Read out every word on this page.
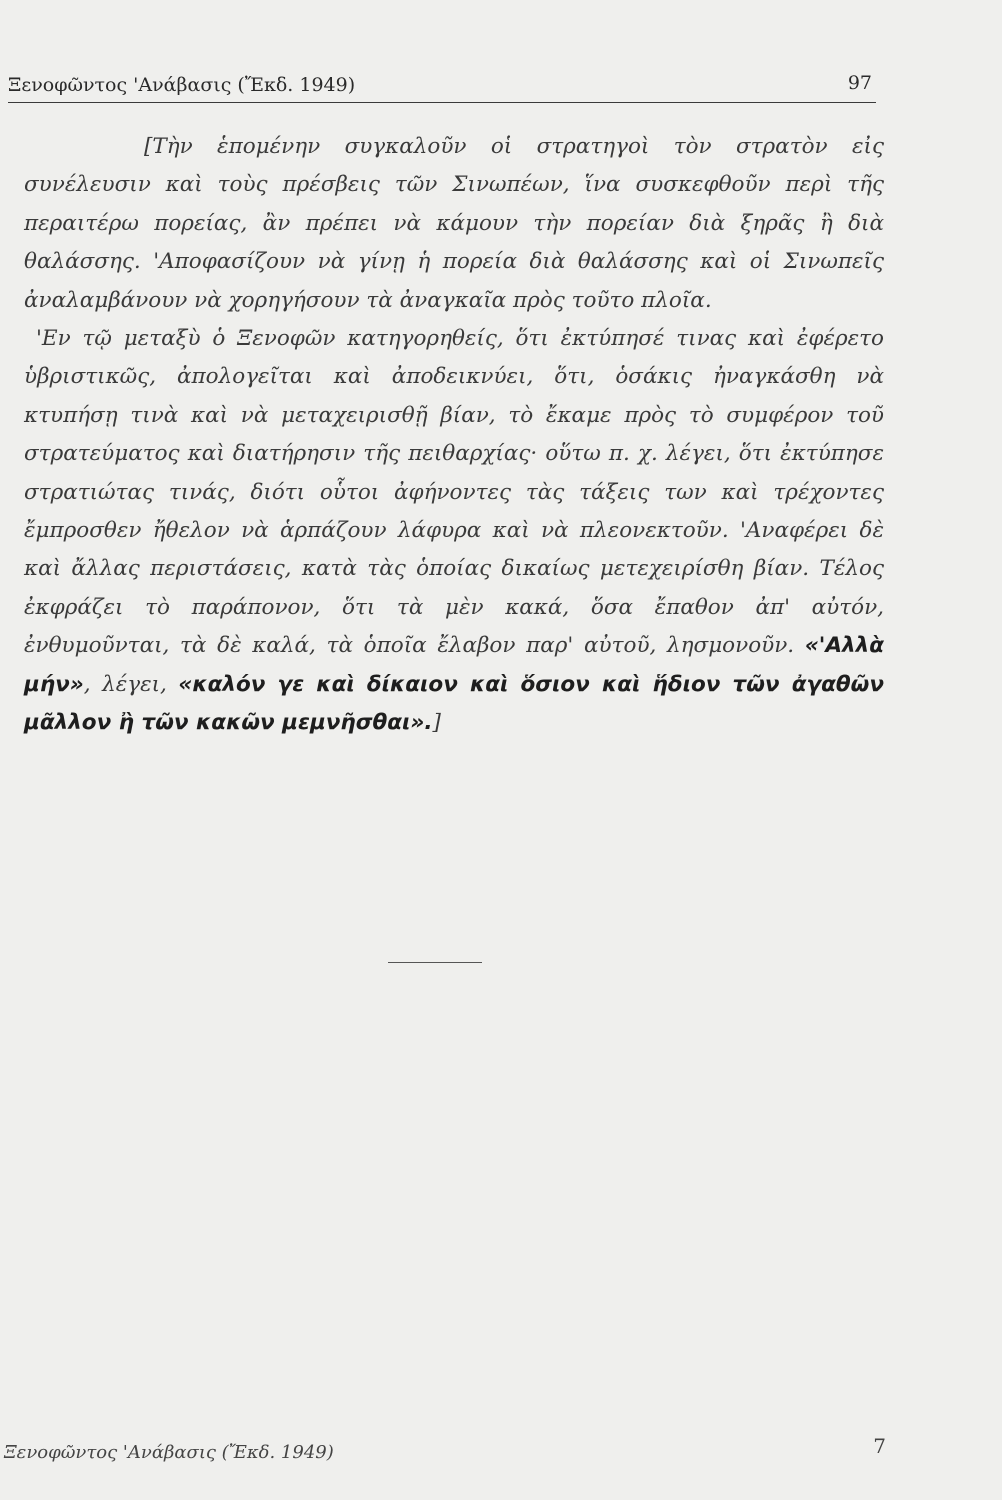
Ξενοφῶντος 'Ανάβασις (Ἔκδ. 1949)	97

[Τὴν ἑπομένην συγκαλοῦν οἱ στρατηγοὶ τὸν στρατὸν εἰς συνέλευσιν καὶ τοὺς πρέσβεις τῶν Σινωπέων, ἵνα συσκεφθοῦν περὶ τῆς περαιτέρω πορείας, ἂν πρέπει νὰ κάμουν τὴν πορείαν διὰ ξηρᾶς ἢ διὰ θαλάσσης. 'Αποφασίζουν νὰ γίνῃ ἡ πορεία διὰ θαλάσσης καὶ οἱ Σινωπεῖς ἀναλαμβάνουν νὰ χορηγήσουν τὰ ἀναγκαῖα πρὸς τοῦτο πλοῖα.

'Εν τῷ μεταξὺ ὁ Ξενοφῶν κατηγορηθείς, ὅτι ἐκτύπησέ τινας καὶ ἐφέρετο ὑβριστικῶς, ἀπολογεῖται καὶ ἀποδεικνύει, ὅτι, ὁσάκις ἠναγκάσθη νὰ κτυπήσῃ τινὰ καὶ νὰ μεταχειρισθῇ βίαν, τὸ ἔκαμε πρὸς τὸ συμφέρον τοῦ στρατεύματος καὶ διατήρησιν τῆς πειθαρχίας· οὕτω π. χ. λέγει, ὅτι ἐκτύπησε στρατιώτας τινάς, διότι οὗτοι ἀφήνοντες τὰς τάξεις των καὶ τρέχοντες ἔμπροσθεν ἤθελον νὰ ἁρπάζουν λάφυρα καὶ νὰ πλεονεκτοῦν. 'Αναφέρει δὲ καὶ ἄλλας περιστάσεις, κατὰ τὰς ὁποίας δικαίως μετεχειρίσθη βίαν. Τέλος ἐκφράζει τὸ παράπονον, ὅτι τὰ μὲν κακά, ὅσα ἔπαθον ἀπ' αὐτόν, ἐνθυμοῦνται, τὰ δὲ καλά, τὰ ὁποῖα ἔλαβον παρ' αὐτοῦ, λησμονοῦν. «'Αλλὰ μήν», λέγει, «καλόν γε καὶ δίκαιον καὶ ὅσιον καὶ ἥδιον τῶν ἀγαθῶν μᾶλλον ἢ τῶν κακῶν μεμνῆσθαι».]

Ξενοφῶντος 'Ανάβασις (Ἔκδ. 1949)	7
